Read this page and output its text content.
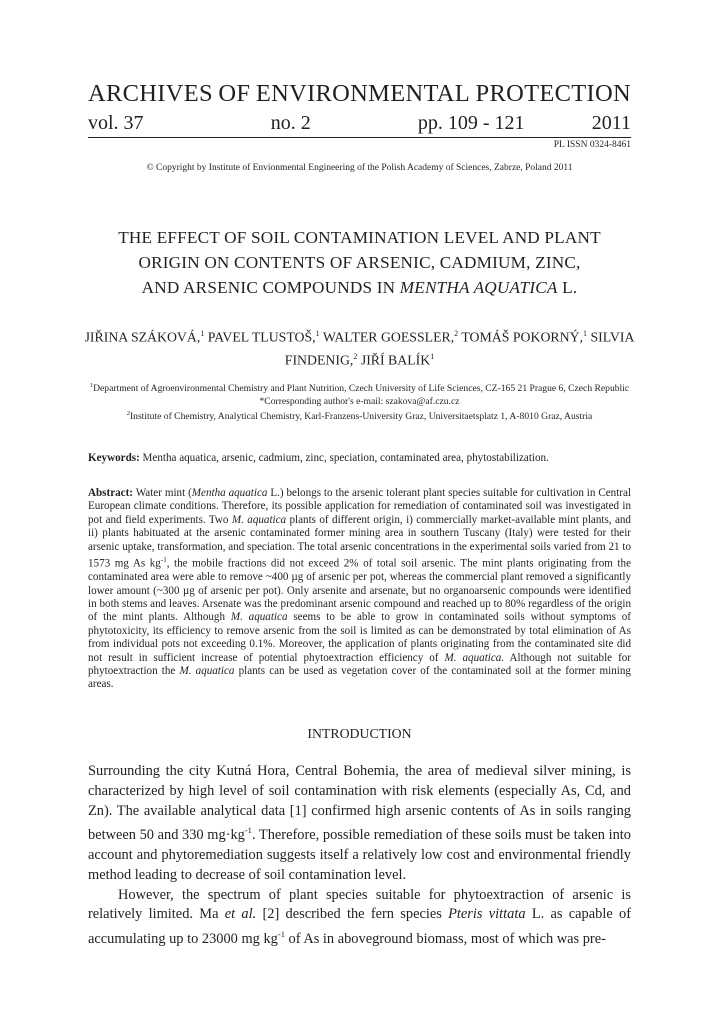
ARCHIVES OF ENVIRONMENTAL PROTECTION
vol. 37	no. 2	pp. 109 - 121	2011
PL ISSN 0324-8461
© Copyright by Institute of Envionmental Engineering of the Polish Academy of Sciences, Zabrze, Poland 2011
THE EFFECT OF SOIL CONTAMINATION LEVEL AND PLANT
ORIGIN ON CONTENTS OF ARSENIC, CADMIUM, ZINC,
AND ARSENIC COMPOUNDS IN MENTHA AQUATICA L.
JIŘINA SZÁKOVÁ,$^1$ PAVEL TLUSTOŠ,$^1$ WALTER GOESSLER,$^2$ TOMÁŠ POKORNÝ,$^1$ SILVIA FINDENIG,$^2$ JIŘÍ BALÍK$^1$
$^1$Department of Agroenvironmental Chemistry and Plant Nutrition, Czech University of Life Sciences, CZ-165 21 Prague 6, Czech Republic
*Corresponding author's e-mail: szakova@af.czu.cz
$^2$Institute of Chemistry, Analytical Chemistry, Karl-Franzens-University Graz, Universitaetsplatz 1, A-8010 Graz, Austria
Keywords: Mentha aquatica, arsenic, cadmium, zinc, speciation, contaminated area, phytostabilization.
Abstract: Water mint (Mentha aquatica L.) belongs to the arsenic tolerant plant species suitable for cultivation in Central European climate conditions. Therefore, its possible application for remediation of contaminated soil was investigated in pot and field experiments. Two M. aquatica plants of different origin, i) commercially market-available mint plants, and ii) plants habituated at the arsenic contaminated former mining area in southern Tuscany (Italy) were tested for their arsenic uptake, transformation, and speciation. The total arsenic concentrations in the experimental soils varied from 21 to 1573 mg As $kg^{-1}$, the mobile fractions did not exceed 2% of total soil arsenic. The mint plants originating from the contaminated area were able to remove ~400 µg of arsenic per pot, whereas the commercial plant removed a significantly lower amount (~300 µg of arsenic per pot). Only arsenite and arsenate, but no organoarsenic compounds were identified in both stems and leaves. Arsenate was the predominant arsenic compound and reached up to 80% regardless of the origin of the mint plants. Although M. aquatica seems to be able to grow in contaminated soils without symptoms of phytotoxicity, its efficiency to remove arsenic from the soil is limited as can be demonstrated by total elimination of As from individual pots not exceeding 0.1%. Moreover, the application of plants originating from the contaminated site did not result in sufficient increase of potential phytoextraction efficiency of M. aquatica. Although not suitable for phytoextraction the M. aquatica plants can be used as vegetation cover of the contaminated soil at the former mining areas.
INTRODUCTION

Surrounding the city Kutná Hora, Central Bohemia, the area of medieval silver mining, is characterized by high level of soil contamination with risk elements (especially As, Cd, and Zn). The available analytical data [1] confirmed high arsenic contents of As in soils ranging between 50 and 330 $mg\cdot kg^{-1}$. Therefore, possible remediation of these soils must be taken into account and phytoremediation suggests itself a relatively low cost and environmental friendly method leading to decrease of soil contamination level.

However, the spectrum of plant species suitable for phytoextraction of arsenic is relatively limited. Ma et al. [2] described the fern species Pteris vittata L. as capable of accumulating up to 23000 mg $kg^{-1}$ of As in aboveground biomass, most of which was pre-
